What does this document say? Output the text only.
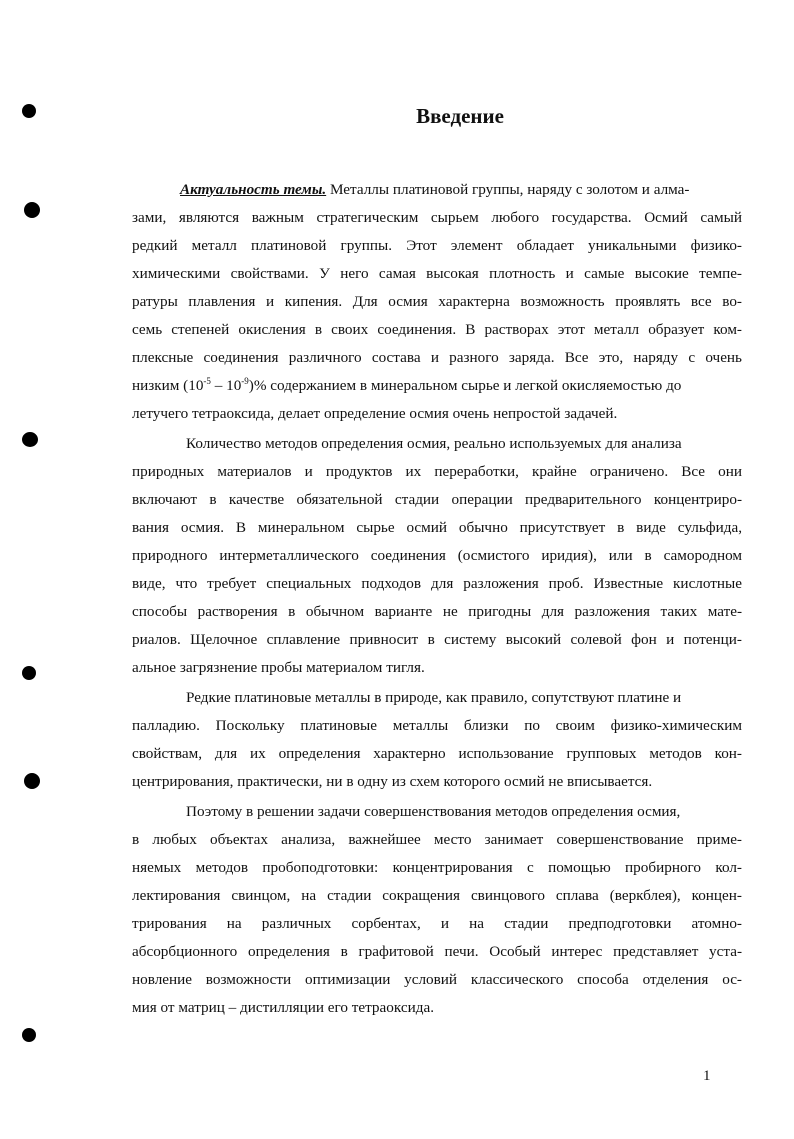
Введение
Актуальность темы. Металлы платиновой группы, наряду с золотом и алма-
зами, являются важным стратегическим сырьем любого государства. Осмий самый
редкий металл платиновой группы. Этот элемент обладает уникальными физико-
химическими свойствами. У него самая высокая плотность и самые высокие темпе-
ратуры плавления и кипения. Для осмия характерна возможность проявлять все во-
семь степеней окисления в своих соединения. В растворах этот металл образует ком-
плексные соединения различного состава и разного заряда. Все это, наряду с очень
низким $(10^{-5} - 10^{-9})\%$ содержанием в минеральном сырье и легкой окисляемостью до
летучего тетраоксида, делает определение осмия очень непростой задачей.
Количество методов определения осмия, реально используемых для анализа
природных материалов и продуктов их переработки, крайне ограничено. Все они
включают в качестве обязательной стадии операции предварительного концентриро-
вания осмия. В минеральном сырье осмий обычно присутствует в виде сульфида,
природного интерметаллического соединения (осмистого иридия), или в самородном
виде, что требует специальных подходов для разложения проб. Известные кислотные
способы растворения в обычном варианте не пригодны для разложения таких мате-
риалов. Щелочное сплавление привносит в систему высокий солевой фон и потенци-
альное загрязнение пробы материалом тигля.
Редкие платиновые металлы в природе, как правило, сопутствуют платине и
палладию. Поскольку платиновые металлы близки по своим физико-химическим
свойствам, для их определения характерно использование групповых методов кон-
центрирования, практически, ни в одну из схем которого осмий не вписывается.
Поэтому в решении задачи совершенствования методов определения осмия,
в любых объектах анализа, важнейшее место занимает совершенствование приме-
няемых методов пробоподготовки: концентрирования с помощью пробирного кол-
лектирования свинцом, на стадии сокращения свинцового сплава (веркблея), концен-
трирования на различных сорбентах, и на стадии предподготовки атомно-
абсорбционного определения в графитовой печи. Особый интерес представляет уста-
новление возможности оптимизации условий классического способа отделения ос-
мия от матриц – дистилляции его тетраоксида.
1
